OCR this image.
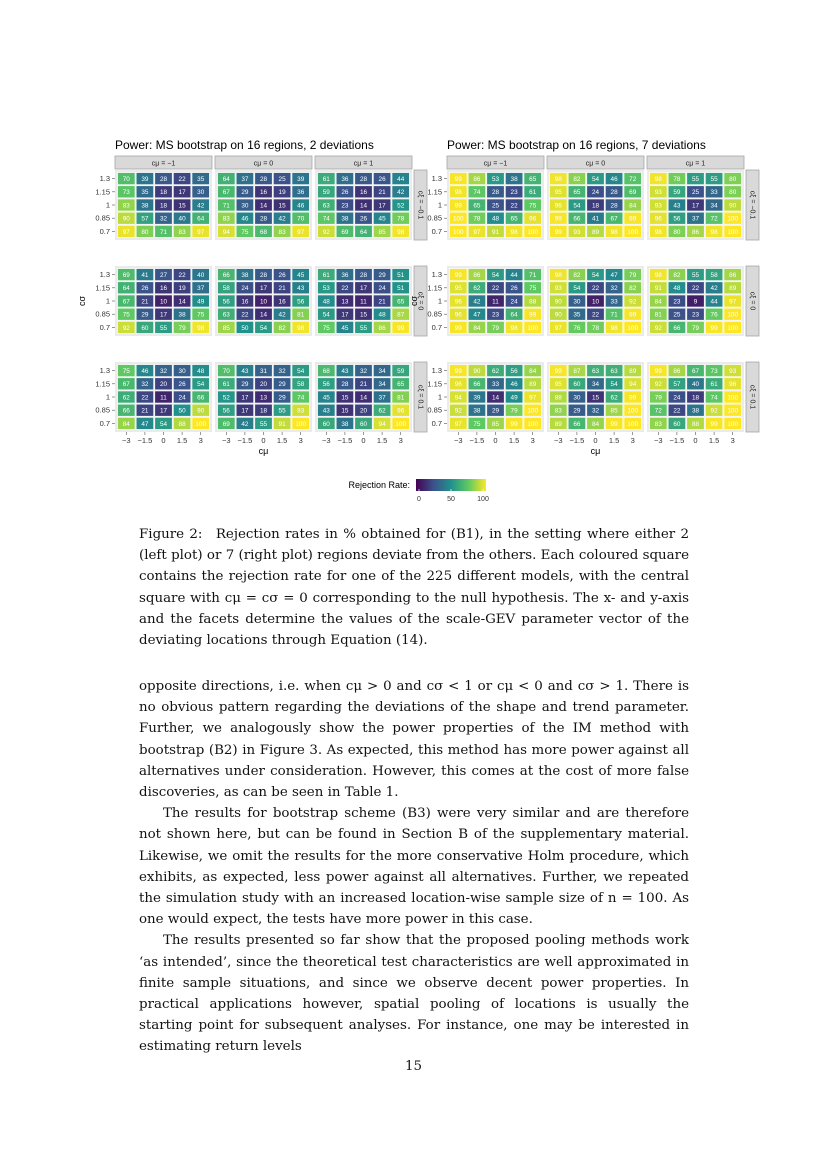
Power: MS bootstrap on 16 regions, 2 deviations
cμ = −1	cμ = 0	cμ = 1
cξ = −0.1
1.3
1.15
1
0.85
0.7
70 39 28 22 35
73 35 18 17 30
83 38 18 15 42
90 57 32 40 64
97 80 71 83 97
64 37 28 25 39
67 29 16 19 36
71 30 14 15 46
83 46 28 42 70
94 75 68 83 97
61 36 28 26 44
59 26 16 21 42
63 23 14 17 52
74 38 26 45 78
92 69 64 85 98
cξ = 0
1.3
1.15
1
0.85
0.7
69 41 27 22 40
64 26 16 19 37
67 21 10 14 49
75 29 17 38 75
92 60 55 79 98
66 38 28 26 45
58 24 17 21 43
56 16 10 16 56
63 22 14 42 81
85 50 54 82 98
61 36 28 29 51
53 22 17 24 51
48 13 11 21 65
54 17 15 48 87
75 45 55 86 99
cξ = 0.1
1.3
1.15
1
0.85
0.7
75 46 32 30 48
67 32 20 26 54
62 22 11 24 66
66 21 17 50 90
84 47 54 88 100
70 43 31 32 54
61 29 20 29 58
52 17 13 29 74
56 17 18 55 93
69 42 55 91 100
68 43 32 34 59
56 28 21 34 65
45 15 14 37 81
43 15 20 62 96
60 38 60 94 100
−3 −1.5 0 1.5 3	−3 −1.5 0 1.5 3	−3 −1.5 0 1.5 3
cμ
cσ
Power: MS bootstrap on 16 regions, 7 deviations
cμ = −1	cμ = 0	cμ = 1
cξ = −0.1
1.3
1.15
1
0.85
0.7
99 86 53 38 65
98 74 28 23 61
99 65 25 22 75
100 78 48 65 96
100 97 91 98 100
98 82 54 46 72
95 65 24 28 69
96 54 18 28 84
99 66 41 67 99
99 93 89 98 100
98 78 55 55 80
93 59 25 33 80
93 43 17 34 90
96 56 37 72 100
98 80 86 98 100
cξ = 0
1.3
1.15
1
0.85
0.7
99 86 54 44 71
95 62 22 26 75
96 42 11 24 88
96 47 23 64 99
99 84 79 98 100
98 82 54 47 79
93 54 22 32 82
90 30 10 33 92
90 35 22 71 99
97 76 78 98 100
98 82 55 58 86
91 48 22 42 89
84 23 9 44 97
81 25 23 76 100
92 66 79 99 100
cξ = 0.1
1.3
1.15
1
0.85
0.7
99 90 62 56 84
96 66 33 46 89
94 39 14 49 97
92 38 29 79 100
97 75 85 99 100
99 87 63 63 89
95 60 34 54 94
88 30 15 62 99
83 29 32 85 100
89 66 84 99 100
99 86 67 73 93
92 57 40 61 96
79 24 18 74 100
72 22 38 92 100
83 60 88 99 100
−3 −1.5 0 1.5 3	−3 −1.5 0 1.5 3	−3 −1.5 0 1.5 3
cμ
cσ
Rejection Rate:
0	50	100
Figure 2: Rejection rates in % obtained for (B1), in the setting where either 2 (left plot) or 7 (right plot) regions deviate from the others. Each coloured square contains the rejection rate for one of the 225 different models, with the central square with cμ = cσ = 0 corresponding to the null hypothesis. The x- and y-axis and the facets determine the values of the scale-GEV parameter vector of the deviating locations through Equation (14).

opposite directions, i.e. when cμ > 0 and cσ < 1 or cμ < 0 and cσ > 1. There is no obvious pattern regarding the deviations of the shape and trend parameter. Further, we analogously show the power properties of the IM method with bootstrap (B2) in Figure 3. As expected, this method has more power against all alternatives under consideration. However, this comes at the cost of more false discoveries, as can be seen in Table 1.

The results for bootstrap scheme (B3) were very similar and are therefore not shown here, but can be found in Section B of the supplementary material. Likewise, we omit the results for the more conservative Holm procedure, which exhibits, as expected, less power against all alternatives. Further, we repeated the simulation study with an increased location-wise sample size of n = 100. As one would expect, the tests have more power in this case.

The results presented so far show that the proposed pooling methods work ‘as intended’, since the theoretical test characteristics are well approximated in finite sample situations, and since we observe decent power properties. In practical applications however, spatial pooling of locations is usually the starting point for subsequent analyses. For instance, one may be interested in estimating return levels

15
